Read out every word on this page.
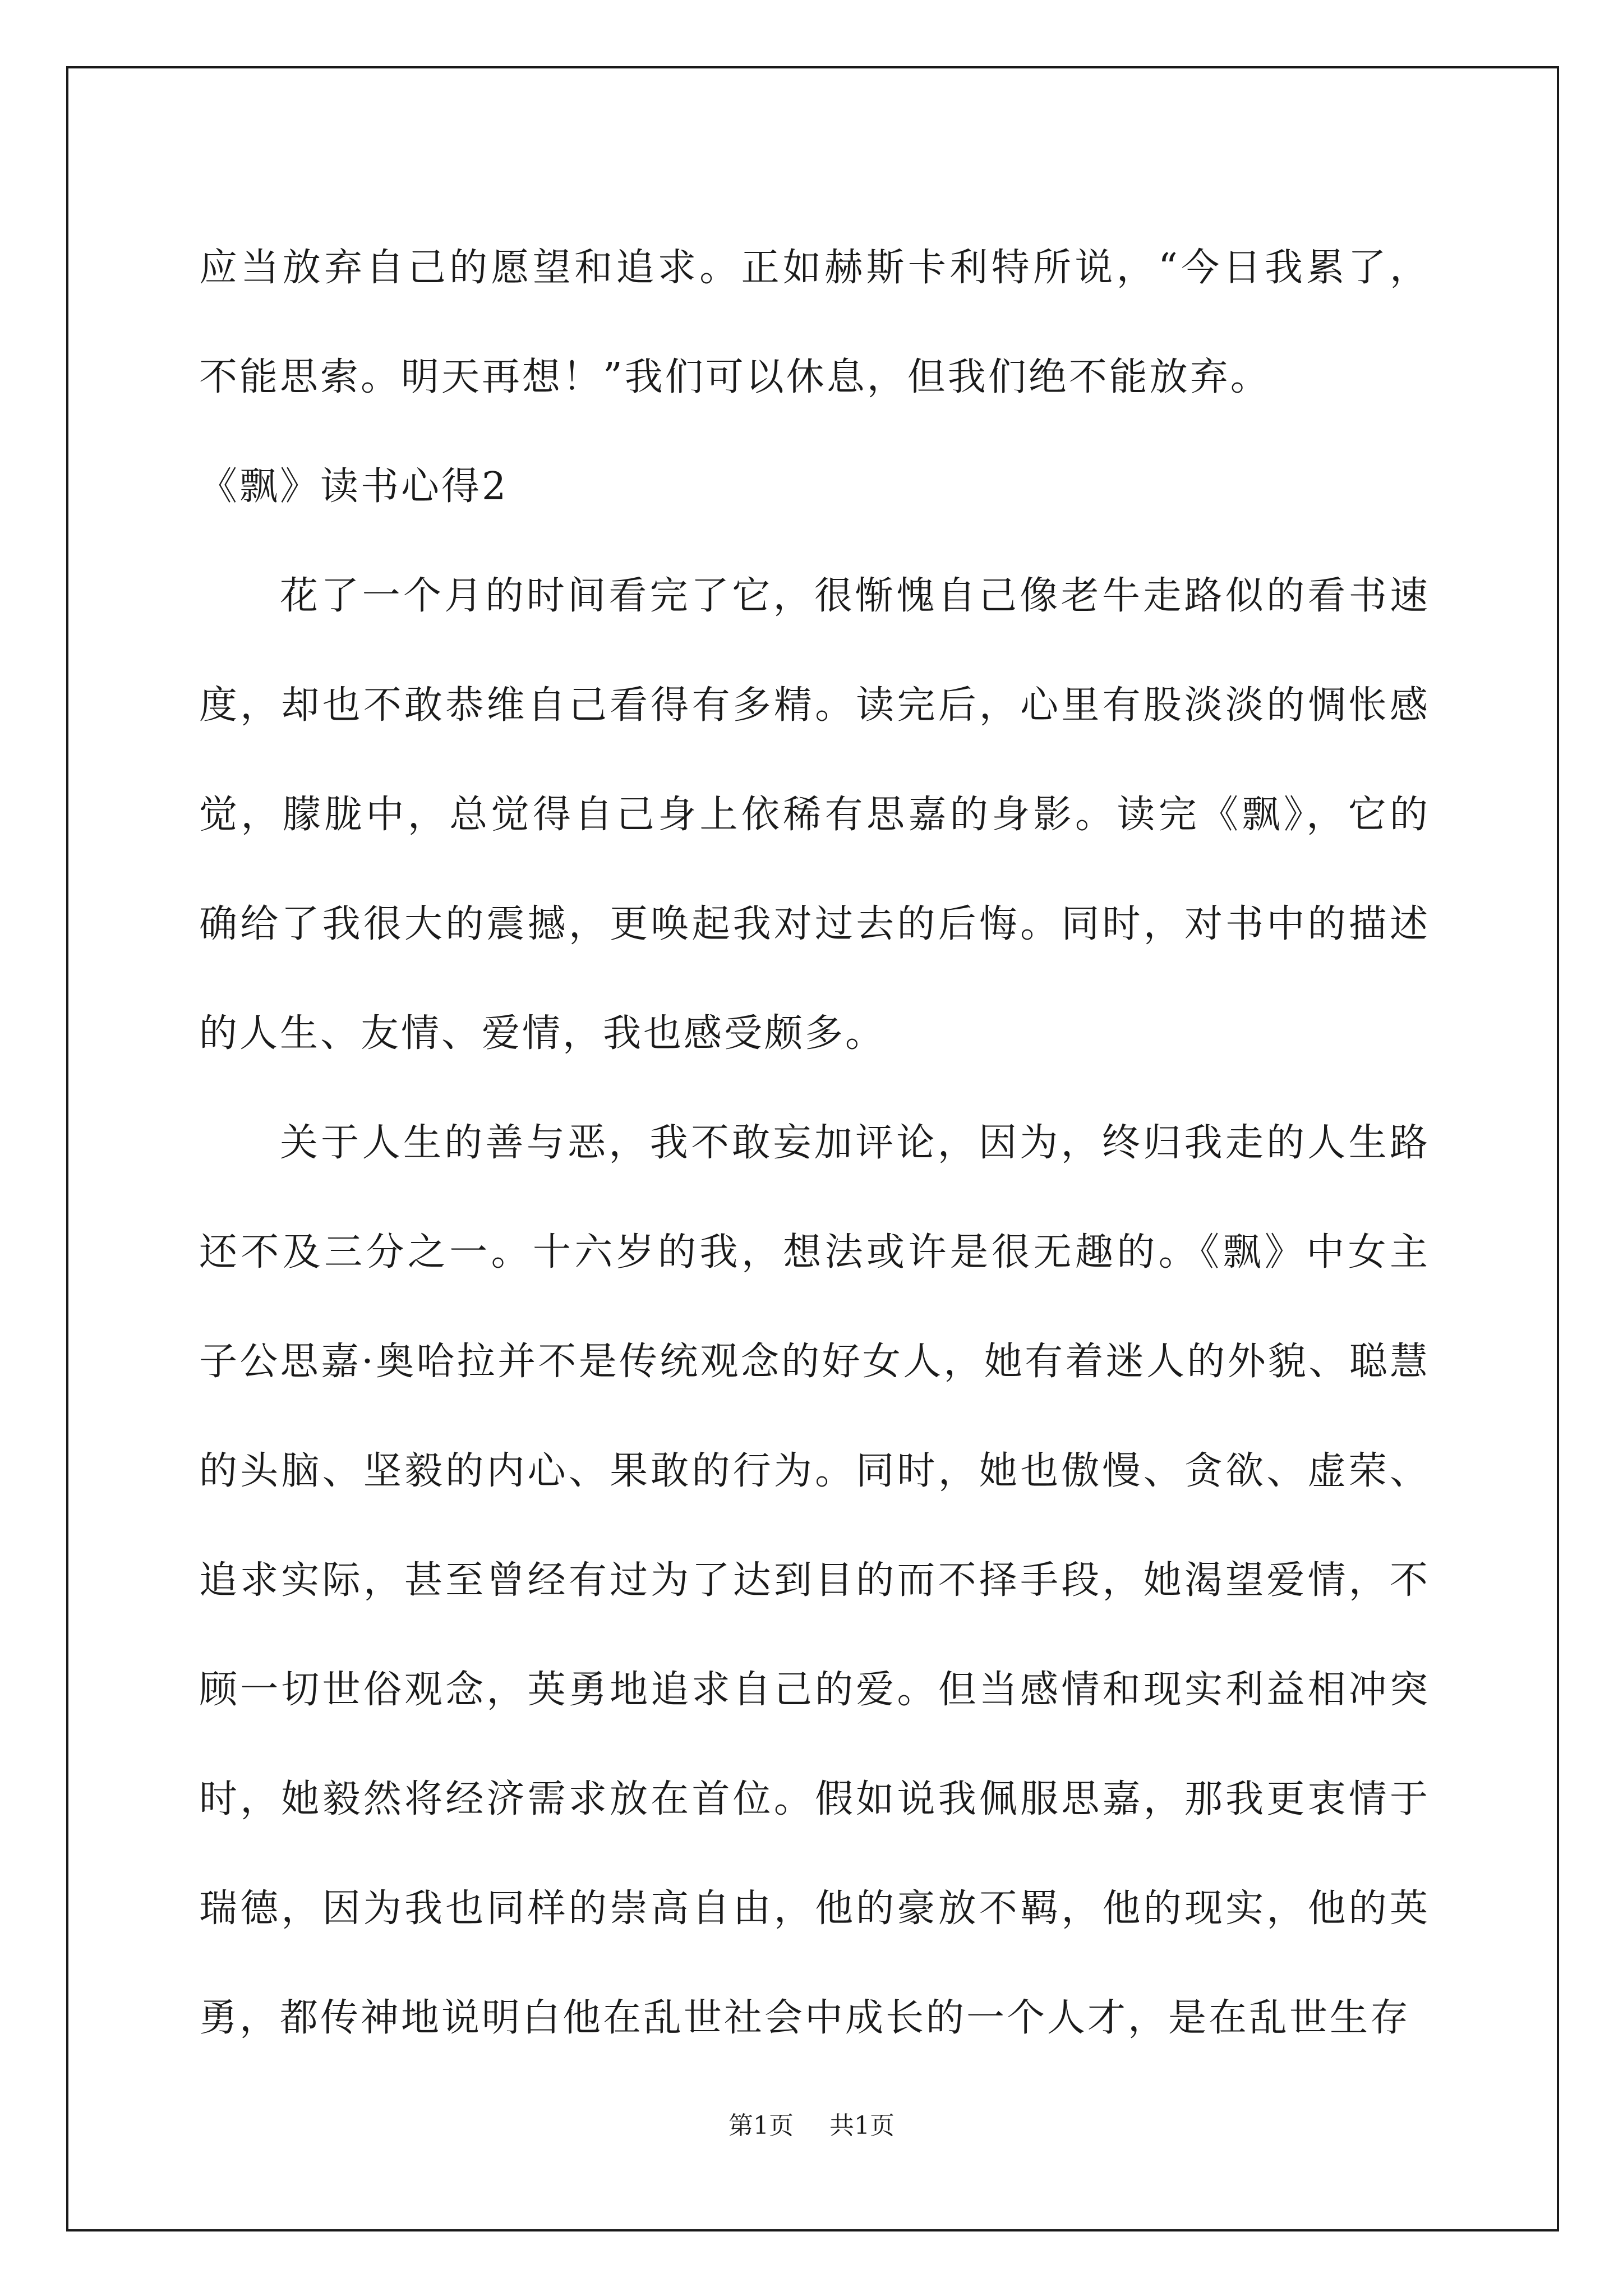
应当放弃自己的愿望和追求。正如赫斯卡利特所说，“今日我累了，不能思索。明天再想！”我们可以休息，但我们绝不能放弃。

《飘》读书心得2

花了一个月的时间看完了它，很惭愧自己像老牛走路似的看书速度，却也不敢恭维自己看得有多精。读完后，心里有股淡淡的惆怅感觉，朦胧中，总觉得自己身上依稀有思嘉的身影。读完《飘》，它的确给了我很大的震撼，更唤起我对过去的后悔。同时，对书中的描述的人生、友情、爱情，我也感受颇多。

关于人生的善与恶，我不敢妄加评论，因为，终归我走的人生路还不及三分之一。十六岁的我，想法或许是很无趣的。《飘》中女主子公思嘉·奥哈拉并不是传统观念的好女人，她有着迷人的外貌、聪慧的头脑、坚毅的内心、果敢的行为。同时，她也傲慢、贪欲、虚荣、追求实际，甚至曾经有过为了达到目的而不择手段，她渴望爱情，不顾一切世俗观念，英勇地追求自己的爱。但当感情和现实利益相冲突时，她毅然将经济需求放在首位。假如说我佩服思嘉，那我更衷情于瑞德，因为我也同样的崇高自由，他的豪放不羁，他的现实，他的英勇，都传神地说明白他在乱世社会中成长的一个人才，是在乱世生存

第1页 共1页
